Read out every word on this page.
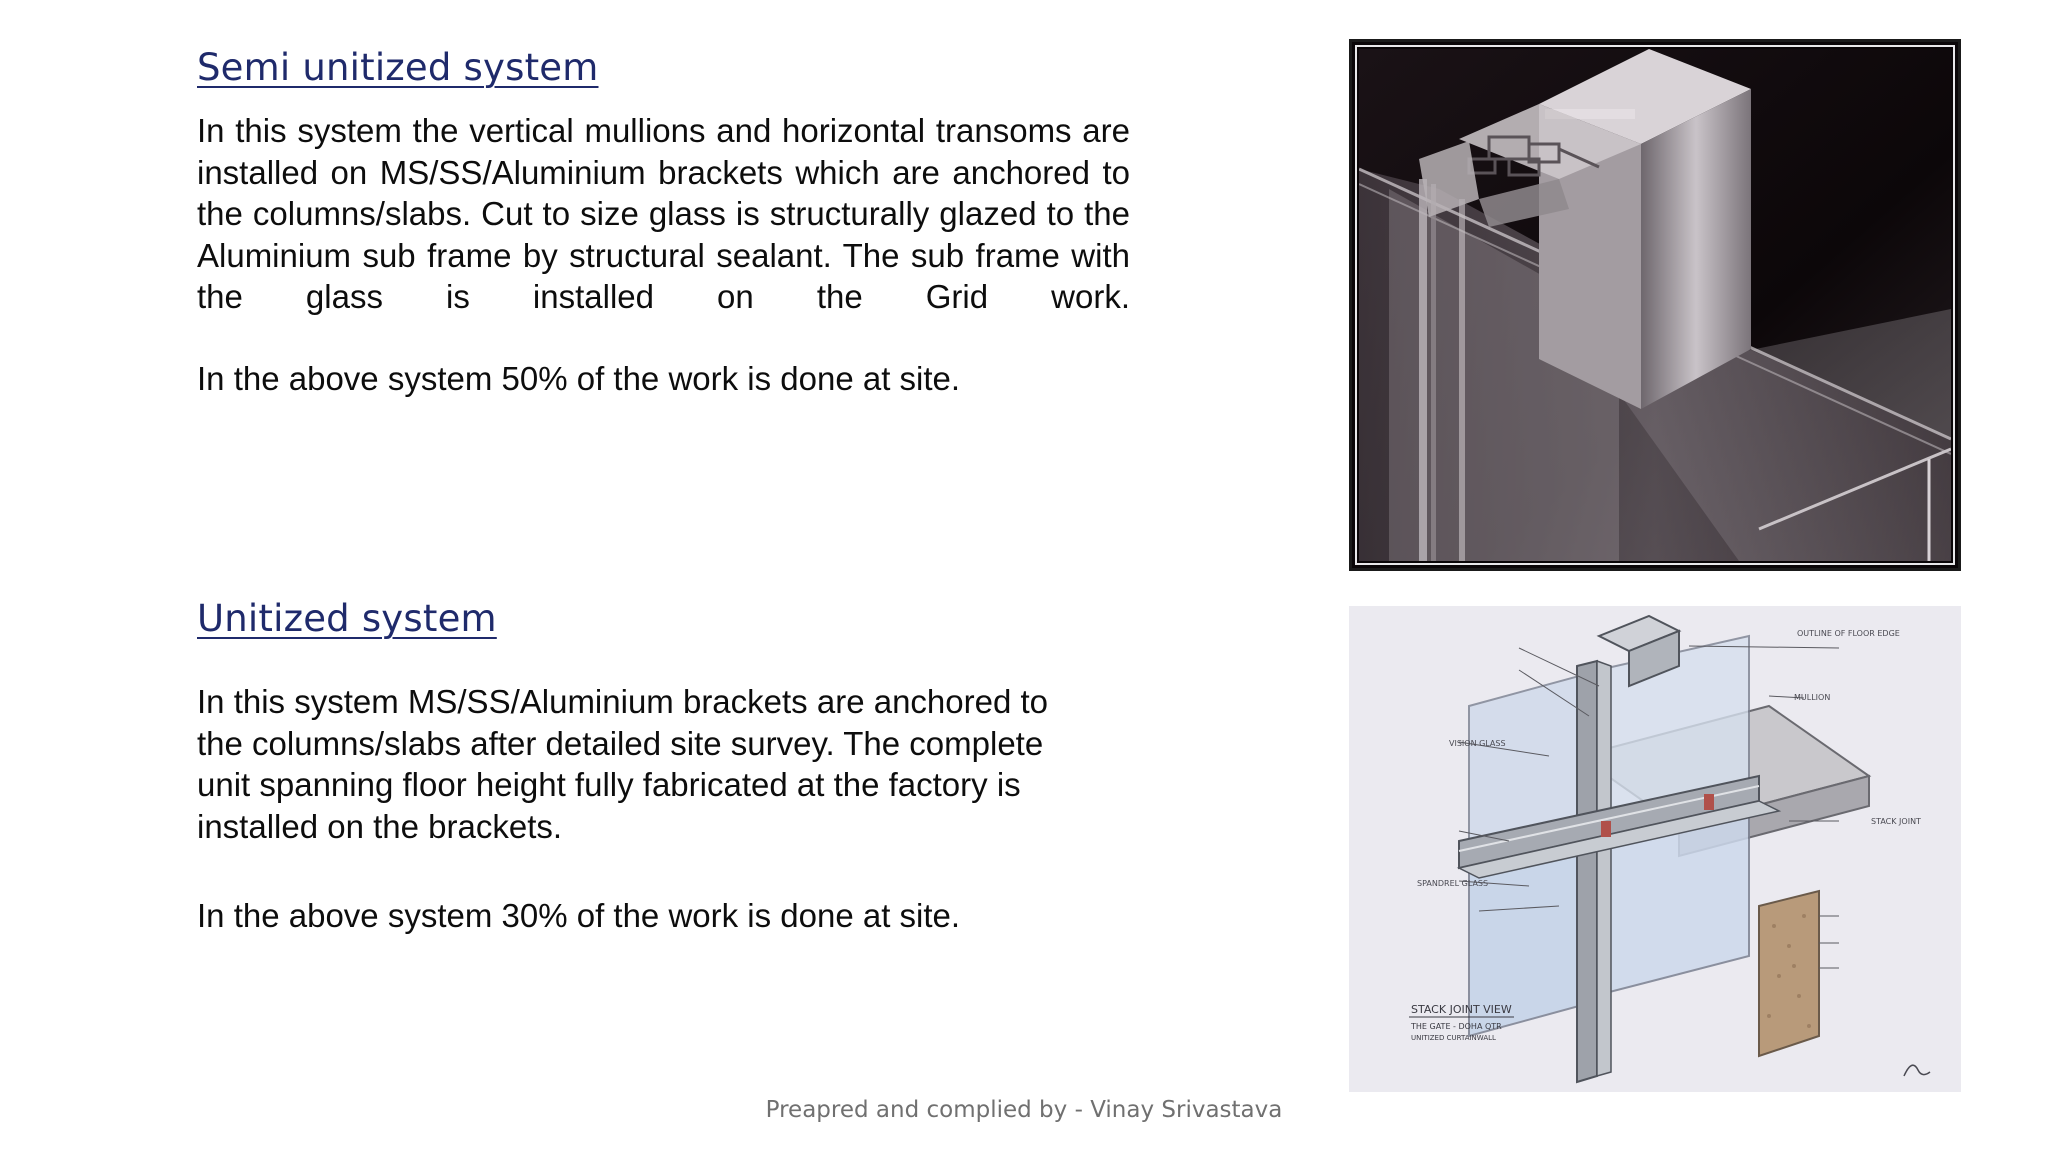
Semi unitized system

In this system the vertical mullions and horizontal transoms are installed on MS/SS/Aluminium brackets which are anchored to the columns/slabs. Cut to size glass is structurally glazed to the Aluminium sub frame by structural sealant. The sub frame with the glass is installed on the Grid work.

In the above system 50% of the work is done at site.

Unitized system
In this system MS/SS/Aluminium brackets are anchored to
the columns/slabs after detailed site survey. The complete
unit spanning floor height fully fabricated at the factory is
installed on the brackets.

In the above system 30% of the work is done at site.

VISION GLASS
SPANDREL GLASS
MULLION
STACK JOINT
OUTLINE OF FLOOR EDGE
STACK JOINT VIEW
THE GATE - DOHA QTR
UNITIZED CURTAINWALL

Preapred and complied by - Vinay Srivastava
